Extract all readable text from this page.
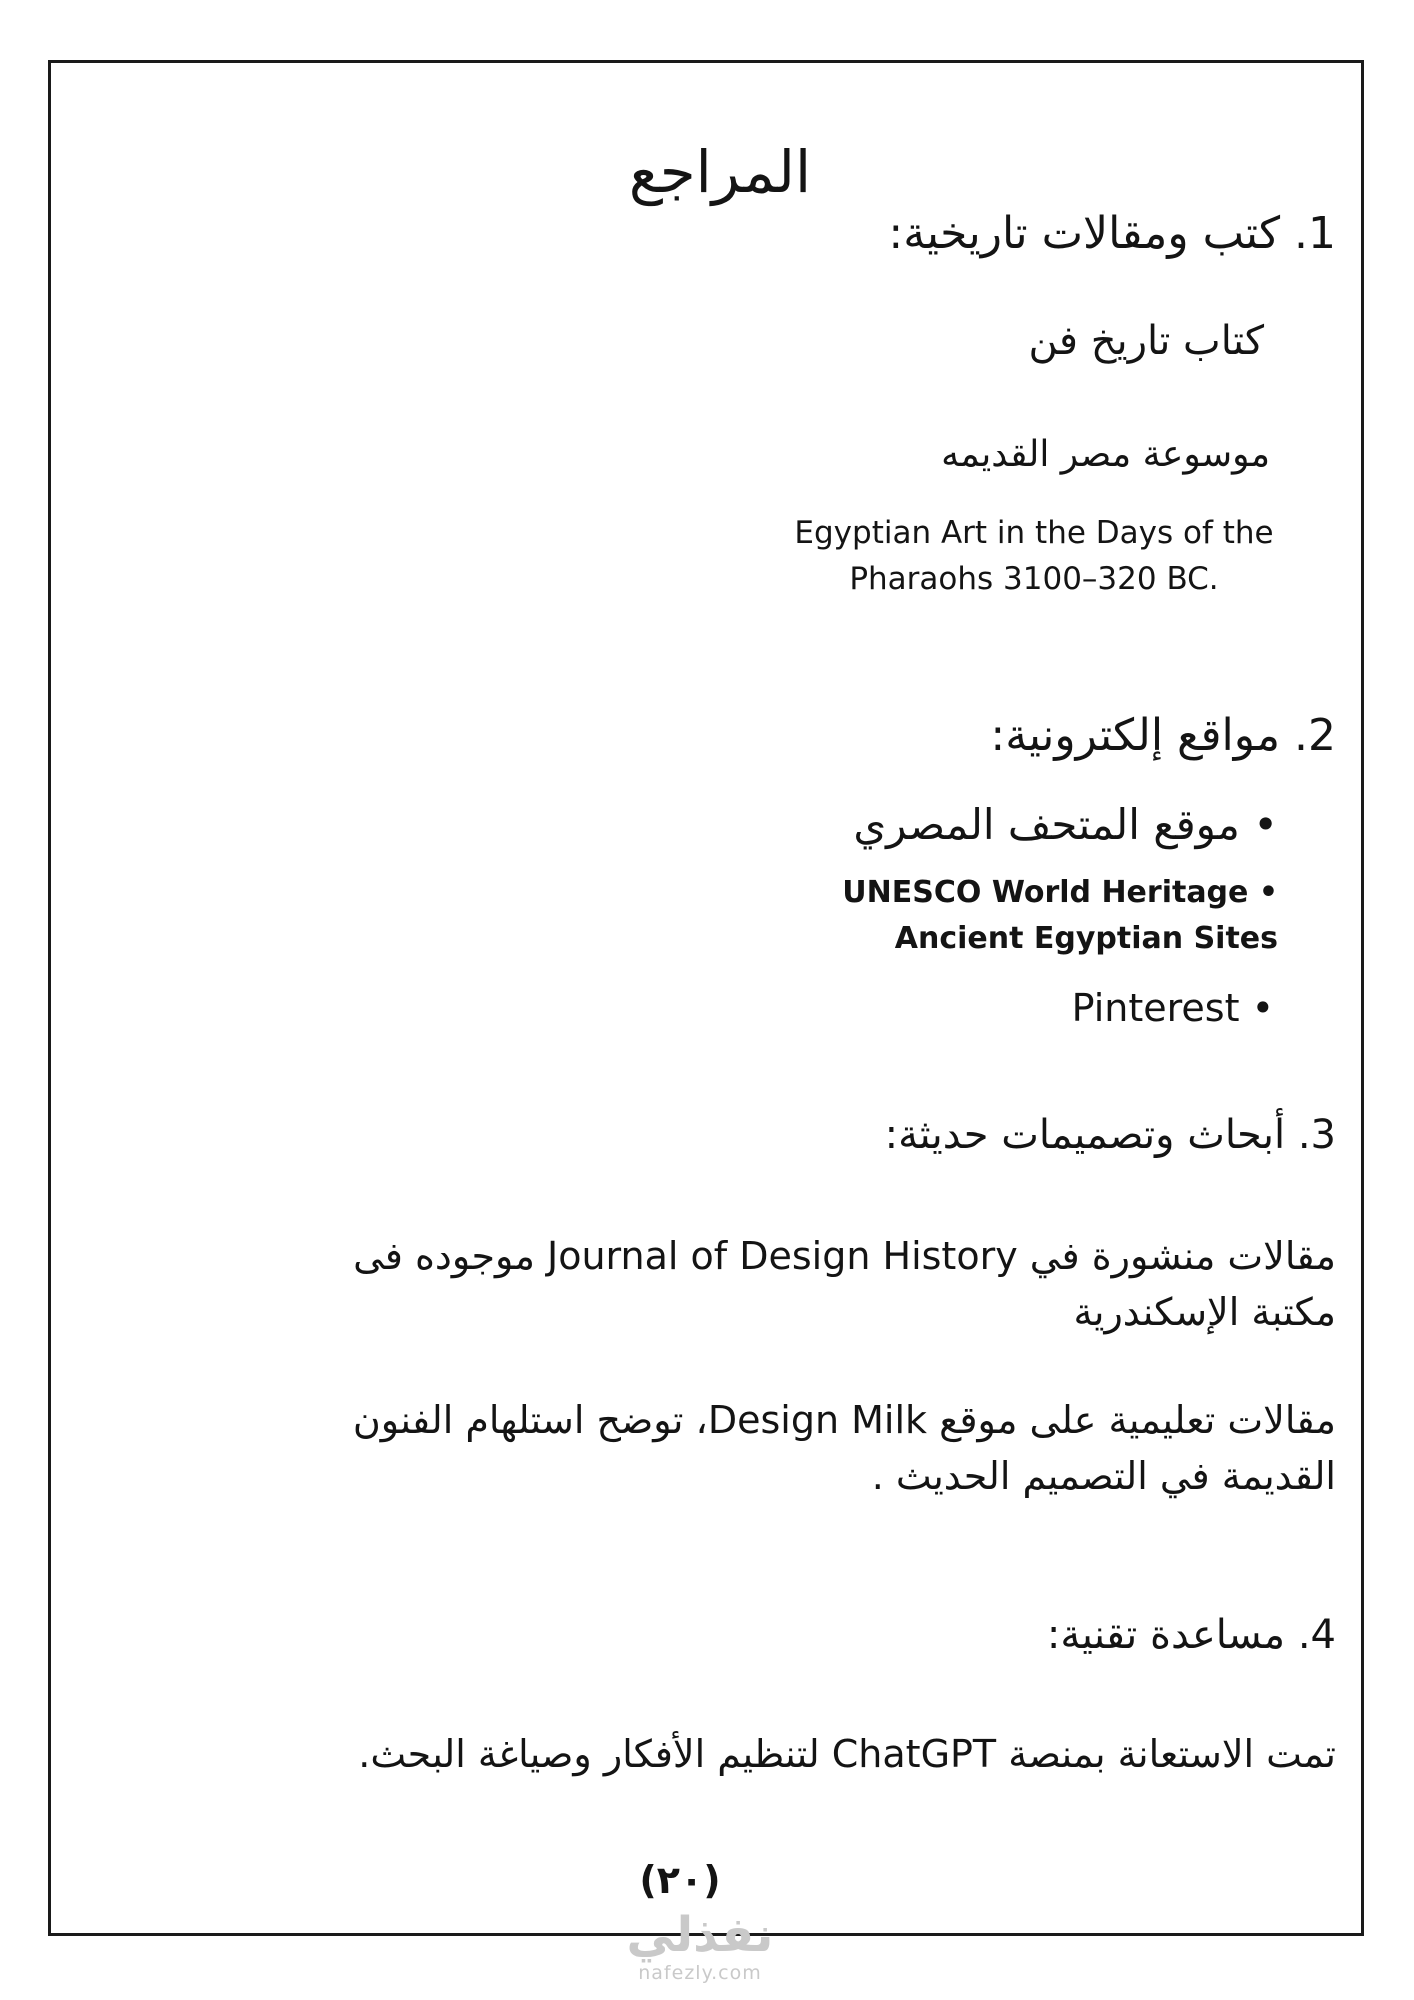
المراجع
1. كتب ومقالات تاريخية:
كتاب تاريخ فن
موسوعة مصر القديمه
Egyptian Art in the Days of the Pharaohs 3100–320 BC.
2. مواقع إلكترونية:
• موقع المتحف المصري
UNESCO World Heritage • Ancient Egyptian Sites
Pinterest •
3. أبحاث وتصميمات حديثة:

مقالات منشورة في Journal of Design History موجوده فى مكتبة الإسكندرية

مقالات تعليمية على موقع Design Milk، توضح استلهام الفنون القديمة في التصميم الحديث .

4. مساعدة تقنية:

تمت الاستعانة بمنصة ChatGPT لتنظيم الأفكار وصياغة البحث.

(٢٠)
نفذلي
nafezly.com
